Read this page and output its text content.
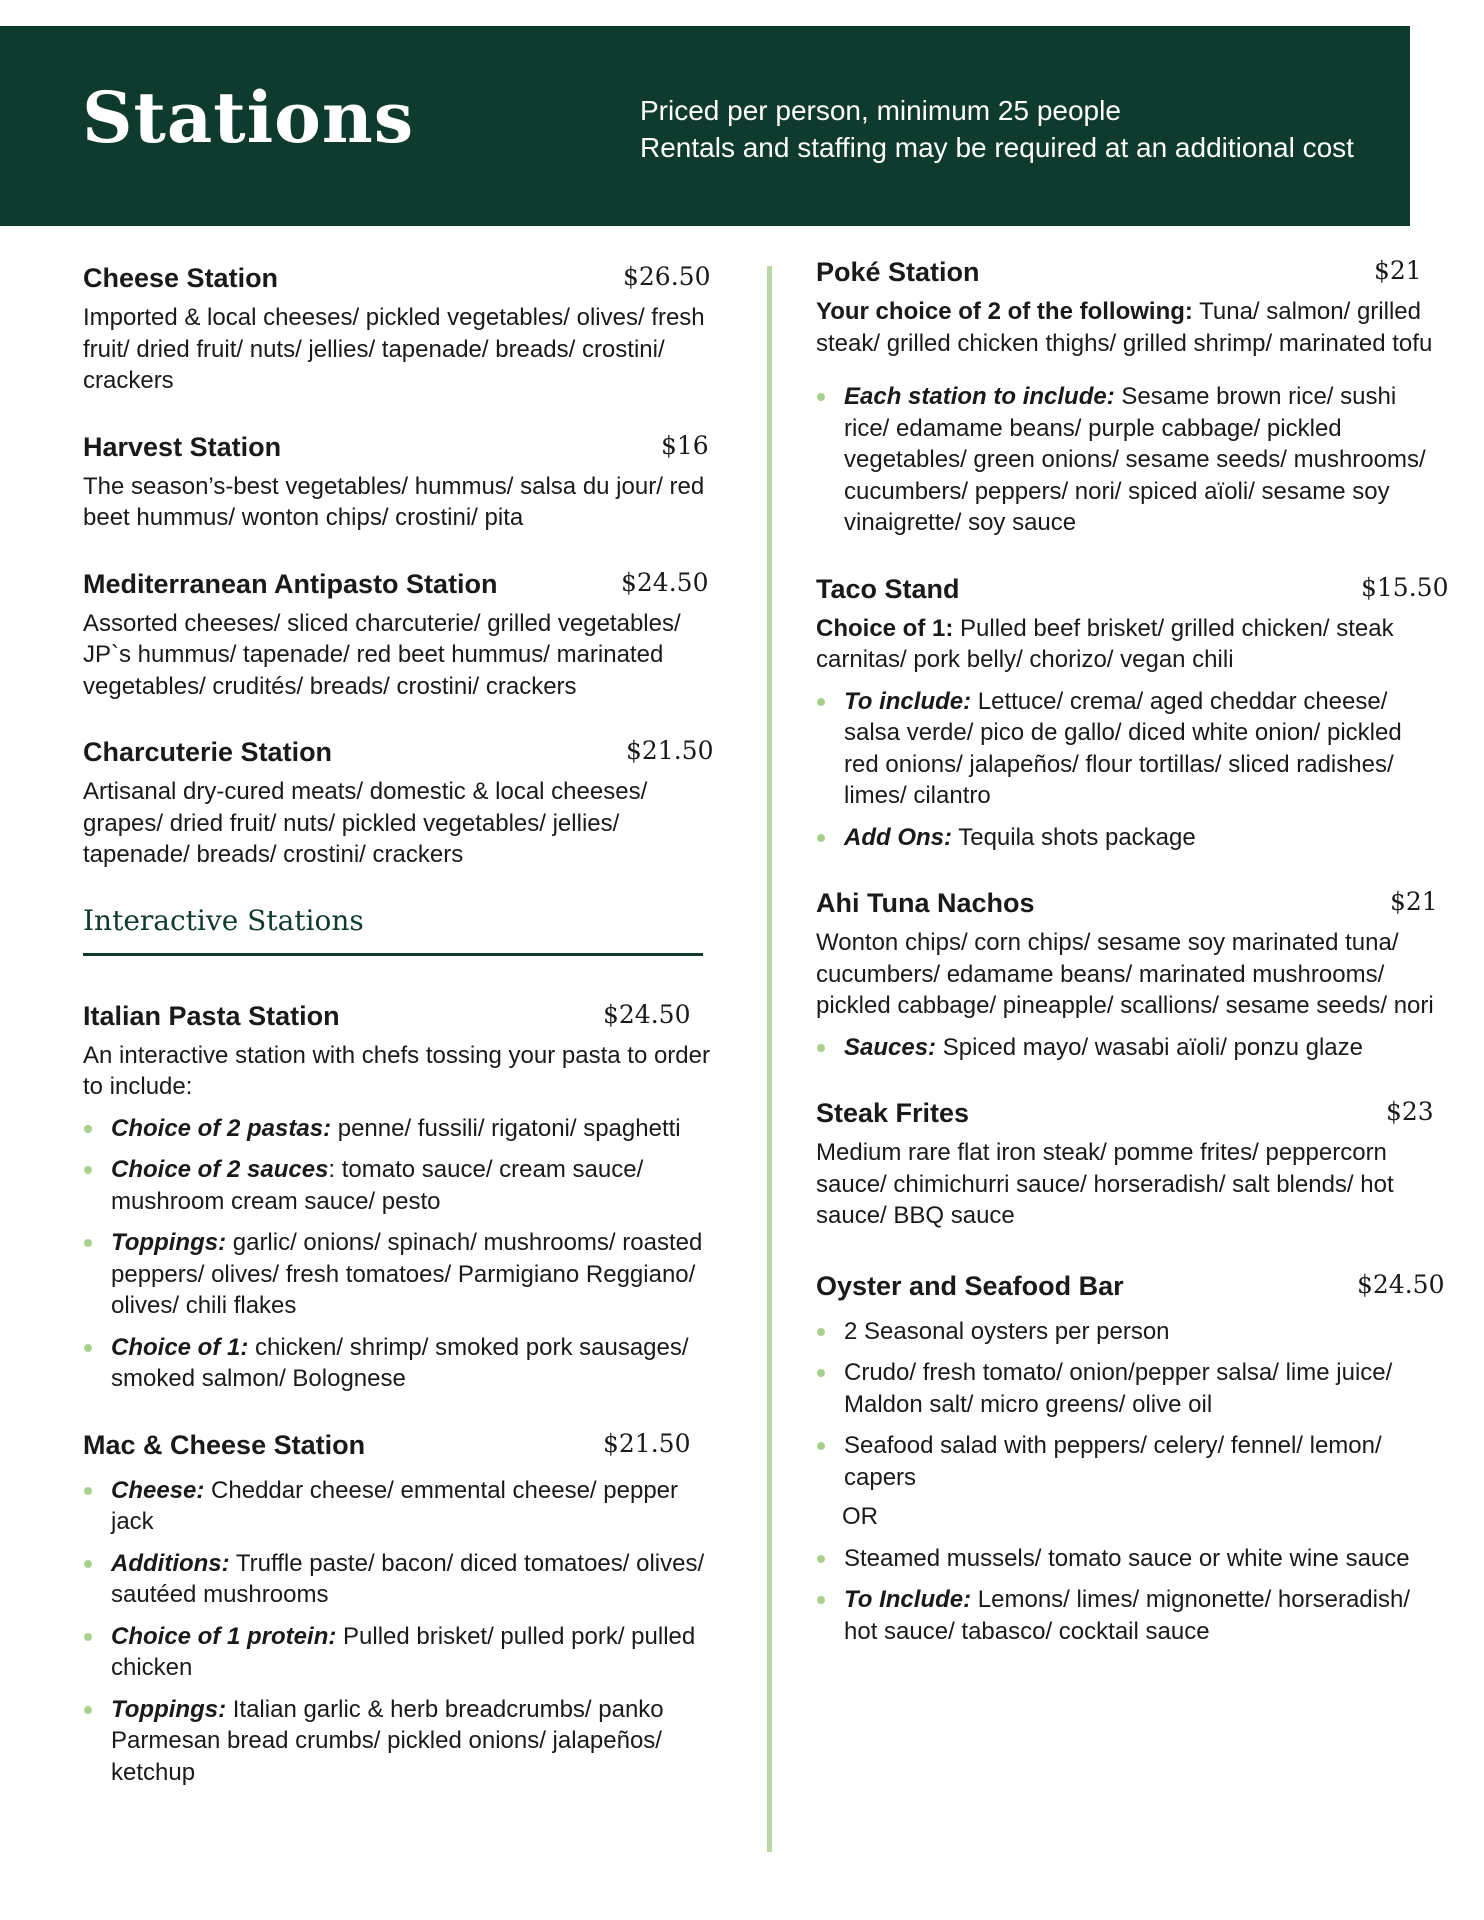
Stations	Priced per person, minimum 25 people
Rentals and staffing may be required at an additional cost
Cheese Station	$26.50
Imported & local cheeses/ pickled vegetables/ olives/ fresh fruit/ dried fruit/ nuts/ jellies/ tapenade/ breads/ crostini/ crackers
Harvest Station	$16
The season’s-best vegetables/ hummus/ salsa du jour/ red beet hummus/ wonton chips/ crostini/ pita
Mediterranean Antipasto Station	$24.50
Assorted cheeses/ sliced charcuterie/ grilled vegetables/ JP`s hummus/ tapenade/ red beet hummus/ marinated vegetables/ crudités/ breads/ crostini/ crackers
Charcuterie Station	$21.50
Artisanal dry-cured meats/ domestic & local cheeses/ grapes/ dried fruit/ nuts/ pickled vegetables/ jellies/ tapenade/ breads/ crostini/ crackers
Interactive Stations
Italian Pasta Station	$24.50
An interactive station with chefs tossing your pasta to order to include:
Choice of 2 pastas: penne/ fussili/ rigatoni/ spaghetti
Choice of 2 sauces: tomato sauce/ cream sauce/ mushroom cream sauce/ pesto
Toppings: garlic/ onions/ spinach/ mushrooms/ roasted peppers/ olives/ fresh tomatoes/ Parmigiano Reggiano/ olives/ chili flakes
Choice of 1: chicken/ shrimp/ smoked pork sausages/ smoked salmon/ Bolognese
Mac & Cheese Station	$21.50
Cheese: Cheddar cheese/ emmental cheese/ pepper jack
Additions: Truffle paste/ bacon/ diced tomatoes/ olives/ sautéed mushrooms
Choice of 1 protein: Pulled brisket/ pulled pork/ pulled chicken
Toppings: Italian garlic & herb breadcrumbs/ panko Parmesan bread crumbs/ pickled onions/ jalapeños/ ketchup
Poké Station	$21
Your choice of 2 of the following: Tuna/ salmon/ grilled steak/ grilled chicken thighs/ grilled shrimp/ marinated tofu
Each station to include: Sesame brown rice/ sushi rice/ edamame beans/ purple cabbage/ pickled vegetables/ green onions/ sesame seeds/ mushrooms/ cucumbers/ peppers/ nori/ spiced aïoli/ sesame soy vinaigrette/ soy sauce
Taco Stand	$15.50
Choice of 1: Pulled beef brisket/ grilled chicken/ steak carnitas/ pork belly/ chorizo/ vegan chili
To include: Lettuce/ crema/ aged cheddar cheese/ salsa verde/ pico de gallo/ diced white onion/ pickled red onions/ jalapeños/ flour tortillas/ sliced radishes/ limes/ cilantro
Add Ons: Tequila shots package
Ahi Tuna Nachos	$21
Wonton chips/ corn chips/ sesame soy marinated tuna/ cucumbers/ edamame beans/ marinated mushrooms/ pickled cabbage/ pineapple/ scallions/ sesame seeds/ nori
Sauces: Spiced mayo/ wasabi aïoli/ ponzu glaze
Steak Frites	$23
Medium rare flat iron steak/ pomme frites/ peppercorn sauce/ chimichurri sauce/ horseradish/ salt blends/ hot sauce/ BBQ sauce
Oyster and Seafood Bar	$24.50
2 Seasonal oysters per person
Crudo/ fresh tomato/ onion/pepper salsa/ lime juice/ Maldon salt/ micro greens/ olive oil
Seafood salad with peppers/ celery/ fennel/ lemon/ capers
OR
Steamed mussels/ tomato sauce or white wine sauce
To Include: Lemons/ limes/ mignonette/ horseradish/ hot sauce/ tabasco/ cocktail sauce
